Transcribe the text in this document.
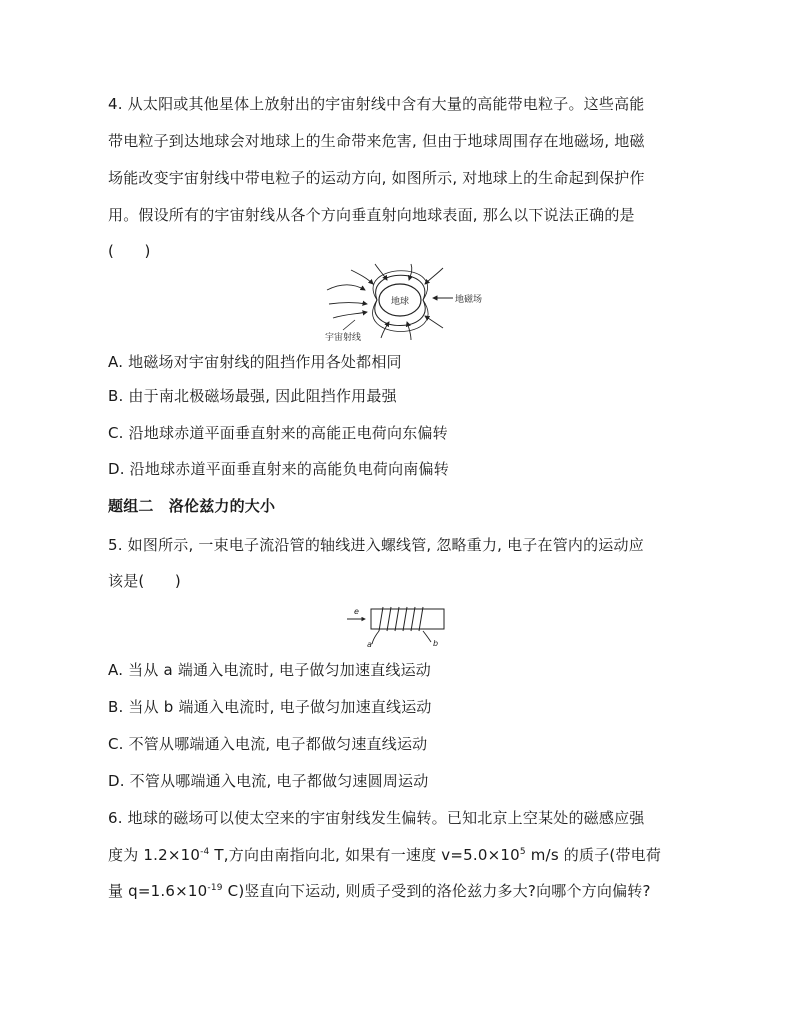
4. 从太阳或其他星体上放射出的宇宙射线中含有大量的高能带电粒子。这些高能
带电粒子到达地球会对地球上的生命带来危害, 但由于地球周围存在地磁场, 地磁
场能改变宇宙射线中带电粒子的运动方向, 如图所示, 对地球上的生命起到保护作
用。假设所有的宇宙射线从各个方向垂直射向地球表面, 那么以下说法正确的是
(  )
地球	地磁场
宇宙射线
A. 地磁场对宇宙射线的阻挡作用各处都相同
B. 由于南北极磁场最强, 因此阻挡作用最强
C. 沿地球赤道平面垂直射来的高能正电荷向东偏转
D. 沿地球赤道平面垂直射来的高能负电荷向南偏转
题组二 洛伦兹力的大小
5. 如图所示, 一束电子流沿管的轴线进入螺线管, 忽略重力, 电子在管内的运动应
该是(  )
e
a	b
A. 当从 a 端通入电流时, 电子做匀加速直线运动
B. 当从 b 端通入电流时, 电子做匀加速直线运动
C. 不管从哪端通入电流, 电子都做匀速直线运动
D. 不管从哪端通入电流, 电子都做匀速圆周运动
6. 地球的磁场可以使太空来的宇宙射线发生偏转。已知北京上空某处的磁感应强
度为 $1.2\times 10^{-4}$ T,方向由南指向北, 如果有一速度 $v=5.0\times 10^5$ m/s 的质子(带电荷
量 $q=1.6\times 10^{-19}$ C)竖直向下运动, 则质子受到的洛伦兹力多大?向哪个方向偏转?
